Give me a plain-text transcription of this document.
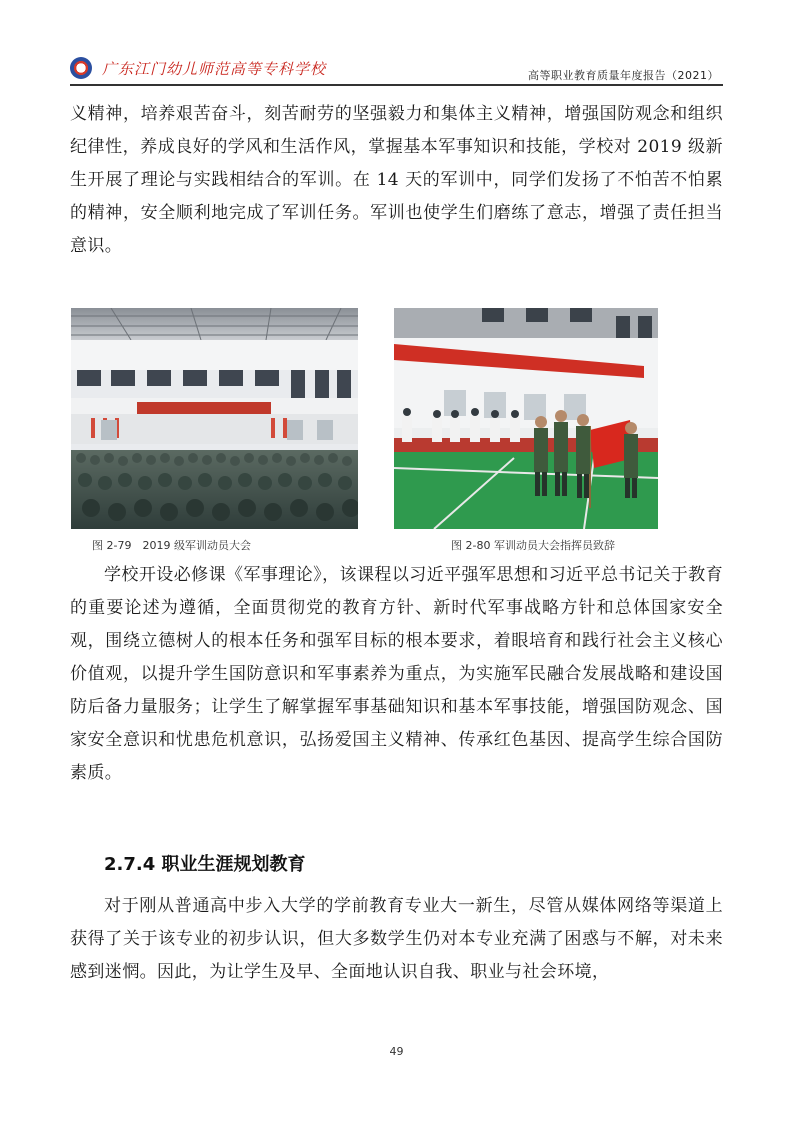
广东江门幼儿师范高等专科学校	高等职业教育质量年度报告（2021）

义精神，培养艰苦奋斗，刻苦耐劳的坚强毅力和集体主义精神，增强国防观念和组织纪律性，养成良好的学风和生活作风，掌握基本军事知识和技能，学校对 2019 级新生开展了理论与实践相结合的军训。在 14 天的军训中，同学们发扬了不怕苦不怕累的精神，安全顺利地完成了军训任务。军训也使学生们磨练了意志，增强了责任担当意识。

图 2-79　2019 级军训动员大会	图 2-80 军训动员大会指挥员致辞

学校开设必修课《军事理论》，该课程以习近平强军思想和习近平总书记关于教育的重要论述为遵循，全面贯彻党的教育方针、新时代军事战略方针和总体国家安全观，围绕立德树人的根本任务和强军目标的根本要求，着眼培育和践行社会主义核心价值观，以提升学生国防意识和军事素养为重点，为实施军民融合发展战略和建设国防后备力量服务；让学生了解掌握军事基础知识和基本军事技能，增强国防观念、国家安全意识和忧患危机意识，弘扬爱国主义精神、传承红色基因、提高学生综合国防素质。

2.7.4 职业生涯规划教育

对于刚从普通高中步入大学的学前教育专业大一新生，尽管从媒体网络等渠道上获得了关于该专业的初步认识，但大多数学生仍对本专业充满了困惑与不解，对未来感到迷惘。因此，为让学生及早、全面地认识自我、职业与社会环境，

49
